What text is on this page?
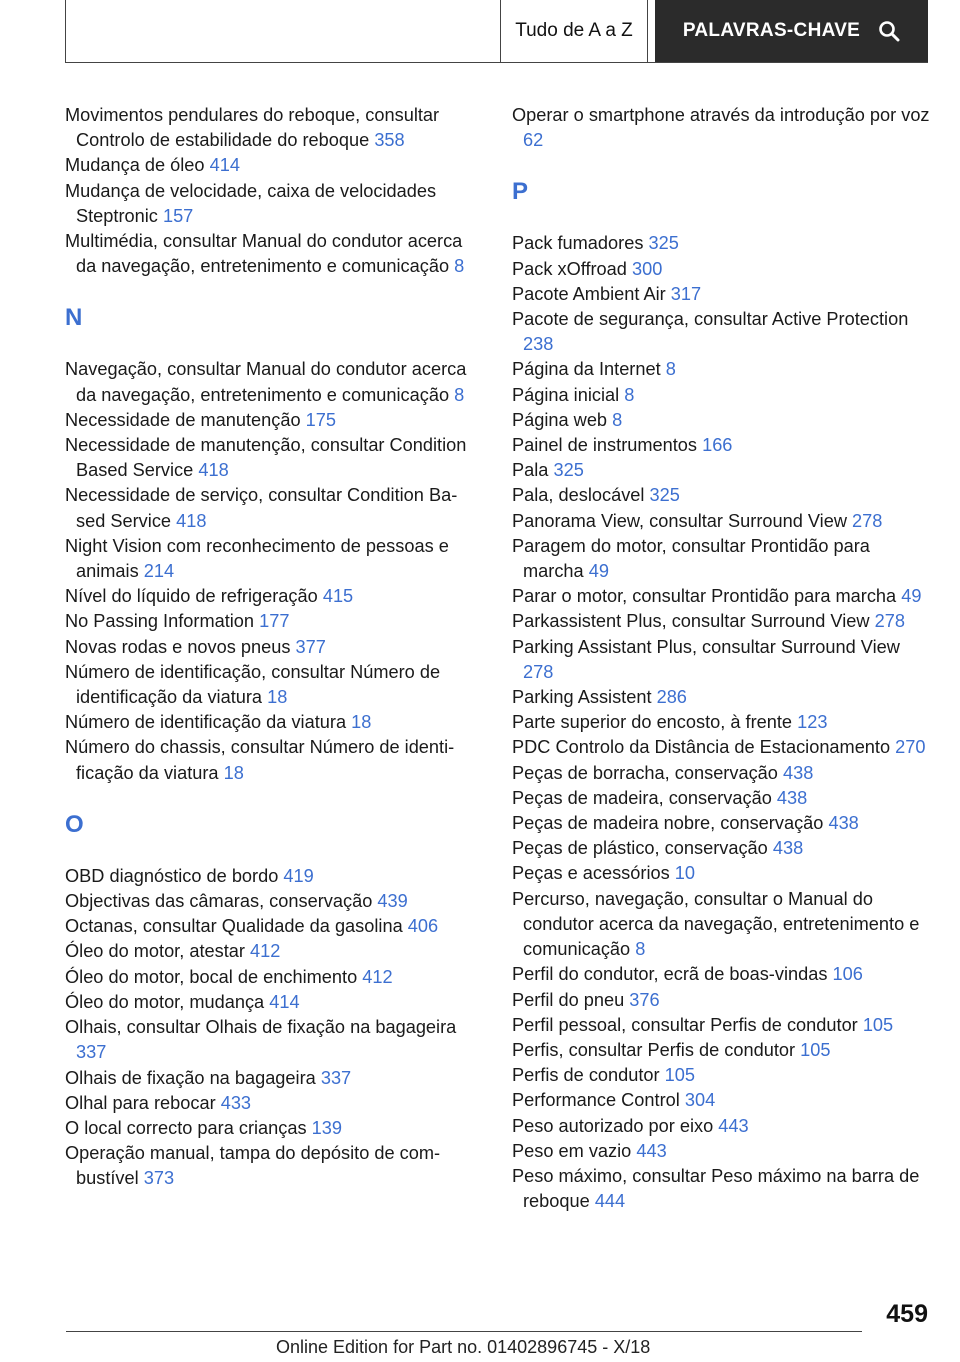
Tudo de A a Z	PALAVRAS-CHAVE

Movimentos pendulares do reboque, consultar Controlo de estabilidade do reboque 358

Mudança de óleo 414

Mudança de velocidade, caixa de velocidades Steptronic 157

Multimédia, consultar Manual do condutor acerca da navegação, entretenimento e comunicação 8

N

Navegação, consultar Manual do condutor acerca da navegação, entretenimento e comunicação 8

Necessidade de manutenção 175

Necessidade de manutenção, consultar Condition Based Service 418

Necessidade de serviço, consultar Condition Based Service 418

Night Vision com reconhecimento de pessoas e animais 214

Nível do líquido de refrigeração 415

No Passing Information 177

Novas rodas e novos pneus 377

Número de identificação, consultar Número de identificação da viatura 18

Número de identificação da viatura 18

Número do chassis, consultar Número de identificação da viatura 18

O

OBD diagnóstico de bordo 419

Objectivas das câmaras, conservação 439

Octanas, consultar Qualidade da gasolina 406

Óleo do motor, atestar 412

Óleo do motor, bocal de enchimento 412

Óleo do motor, mudança 414

Olhais, consultar Olhais de fixação na bagageira 337

Olhais de fixação na bagageira 337

Olhal para rebocar 433

O local correcto para crianças 139

Operação manual, tampa do depósito de combustível 373

Operar o smartphone através da introdução por voz 62

P

Pack fumadores 325

Pack xOffroad 300

Pacote Ambient Air 317

Pacote de segurança, consultar Active Protection 238

Página da Internet 8

Página inicial 8

Página web 8

Painel de instrumentos 166

Pala 325

Pala, deslocável 325

Panorama View, consultar Surround View 278

Paragem do motor, consultar Prontidão para marcha 49

Parar o motor, consultar Prontidão para marcha 49

Parkassistent Plus, consultar Surround View 278

Parking Assistant Plus, consultar Surround View 278

Parking Assistent 286

Parte superior do encosto, à frente 123

PDC Controlo da Distância de Estacionamento 270

Peças de borracha, conservação 438

Peças de madeira, conservação 438

Peças de madeira nobre, conservação 438

Peças de plástico, conservação 438

Peças e acessórios 10

Percurso, navegação, consultar o Manual do condutor acerca da navegação, entretenimento e comunicação 8

Perfil do condutor, ecrã de boas-vindas 106

Perfil do pneu 376

Perfil pessoal, consultar Perfis de condutor 105

Perfis, consultar Perfis de condutor 105

Perfis de condutor 105

Performance Control 304

Peso autorizado por eixo 443

Peso em vazio 443

Peso máximo, consultar Peso máximo na barra de reboque 444

459
Online Edition for Part no. 01402896745 - X/18
